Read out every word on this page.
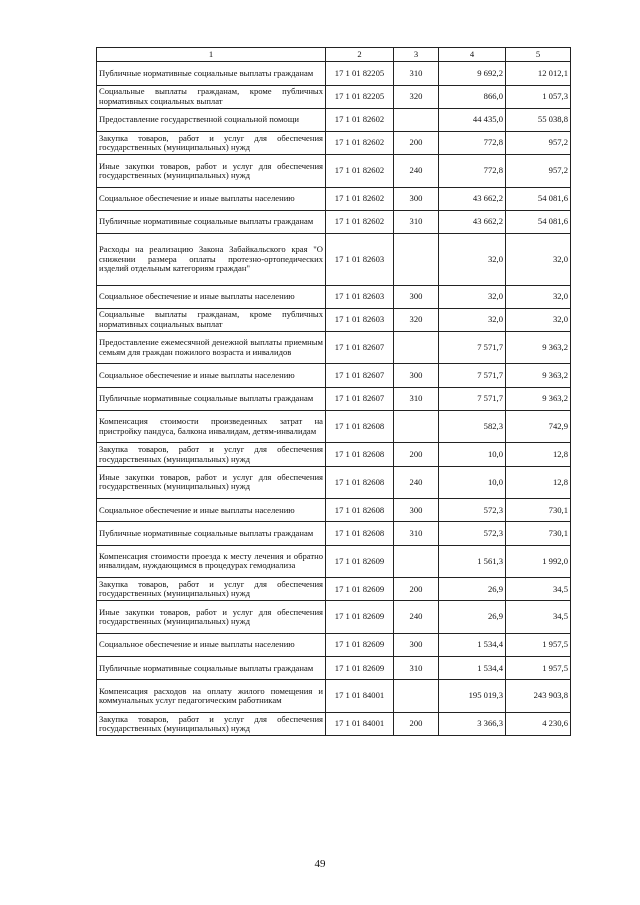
1	2	3	4	5
Публичные нормативные социальные выплаты гражданам	17 1 01 82205	310	9 692,2	12 012,1
Социальные выплаты гражданам, кроме публичных нормативных социальных выплат	17 1 01 82205	320	866,0	1 057,3
Предоставление государственной социальной помощи	17 1 01 82602		44 435,0	55 038,8
Закупка товаров, работ и услуг для обеспечения государственных (муниципальных) нужд	17 1 01 82602	200	772,8	957,2
Иные закупки товаров, работ и услуг для обеспечения государственных (муниципальных) нужд	17 1 01 82602	240	772,8	957,2
Социальное обеспечение и иные выплаты населению	17 1 01 82602	300	43 662,2	54 081,6
Публичные нормативные социальные выплаты гражданам	17 1 01 82602	310	43 662,2	54 081,6
Расходы на реализацию Закона Забайкальского края "О снижении размера оплаты протезно-ортопедических изделий отдельным категориям граждан"	17 1 01 82603		32,0	32,0
Социальное обеспечение и иные выплаты населению	17 1 01 82603	300	32,0	32,0
Социальные выплаты гражданам, кроме публичных нормативных социальных выплат	17 1 01 82603	320	32,0	32,0
Предоставление ежемесячной денежной выплаты приемным семьям для граждан пожилого возраста и инвалидов	17 1 01 82607		7 571,7	9 363,2
Социальное обеспечение и иные выплаты населению	17 1 01 82607	300	7 571,7	9 363,2
Публичные нормативные социальные выплаты гражданам	17 1 01 82607	310	7 571,7	9 363,2
Компенсация стоимости произведенных затрат на пристройку пандуса, балкона инвалидам, детям-инвалидам	17 1 01 82608		582,3	742,9
Закупка товаров, работ и услуг для обеспечения государственных (муниципальных) нужд	17 1 01 82608	200	10,0	12,8
Иные закупки товаров, работ и услуг для обеспечения государственных (муниципальных) нужд	17 1 01 82608	240	10,0	12,8
Социальное обеспечение и иные выплаты населению	17 1 01 82608	300	572,3	730,1
Публичные нормативные социальные выплаты гражданам	17 1 01 82608	310	572,3	730,1
Компенсация стоимости проезда к месту лечения и обратно инвалидам, нуждающимся в процедурах гемодиализа	17 1 01 82609		1 561,3	1 992,0
Закупка товаров, работ и услуг для обеспечения государственных (муниципальных) нужд	17 1 01 82609	200	26,9	34,5
Иные закупки товаров, работ и услуг для обеспечения государственных (муниципальных) нужд	17 1 01 82609	240	26,9	34,5
Социальное обеспечение и иные выплаты населению	17 1 01 82609	300	1 534,4	1 957,5
Публичные нормативные социальные выплаты гражданам	17 1 01 82609	310	1 534,4	1 957,5
Компенсация расходов на оплату жилого помещения и коммунальных услуг педагогическим работникам	17 1 01 84001		195 019,3	243 903,8
Закупка товаров, работ и услуг для обеспечения государственных (муниципальных) нужд	17 1 01 84001	200	3 366,3	4 230,6
49
